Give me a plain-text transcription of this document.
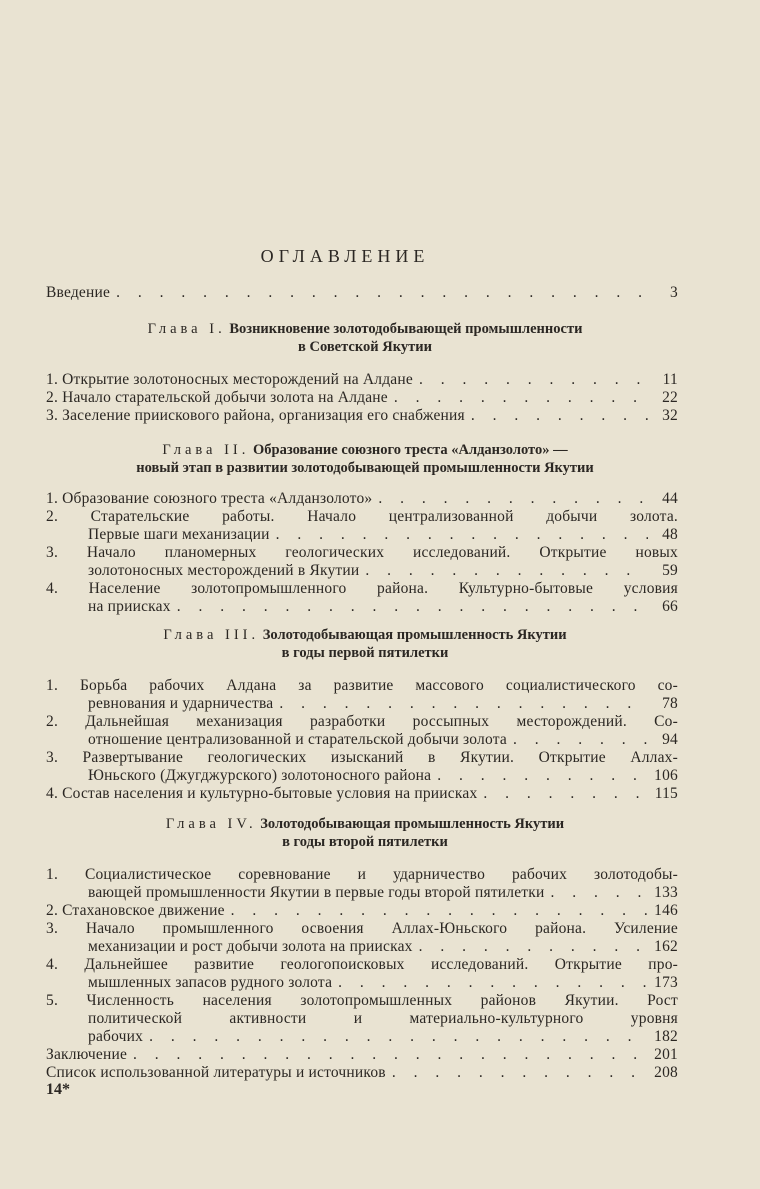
ОГЛАВЛЕНИЕ
Введение . . .	3
Глава I. Возникновение золотодобывающей промышленности
в Советской Якутии
1. Открытие золотоносных месторождений на Алдане . . .	11
2. Начало старательской добычи золота на Алдане . . .	22
3. Заселение приискового района, организация его снабжения . . .	32
Глава II. Образование союзного треста «Алданзолото» —
новый этап в развитии золотодобывающей промышленности Якутии
1. Образование союзного треста «Алданзолото» . . .	44
2. Старательские работы. Начало централизованной добычи золота.
Первые шаги механизации . . .	48
3. Начало планомерных геологических исследований. Открытие новых
золотоносных месторождений в Якутии . . .	59
4. Население золотопромышленного района. Культурно-бытовые условия
на приисках . . .	66
Глава III. Золотодобывающая промышленность Якутии
в годы первой пятилетки
1. Борьба рабочих Алдана за развитие массового социалистического со-
ревнования и ударничества . . .	78
2. Дальнейшая механизация разработки россыпных месторождений. Со-
отношение централизованной и старательской добычи золота . . .	94
3. Развертывание геологических изысканий в Якутии. Открытие Аллах-
Юньского (Джугджурского) золотоносного района . . .	106
4. Состав населения и культурно-бытовые условия на приисках . . .	115
Глава IV. Золотодобывающая промышленность Якутии
в годы второй пятилетки
1. Социалистическое соревнование и ударничество рабочих золотодобы-
вающей промышленности Якутии в первые годы второй пятилетки . . .	133
2. Стахановское движение . . .	146
3. Начало промышленного освоения Аллах-Юньского района. Усиление
механизации и рост добычи золота на приисках . . .	162
4. Дальнейшее развитие геологопоисковых исследований. Открытие про-
мышленных запасов рудного золота . . .	173
5. Численность населения золотопромышленных районов Якутии. Рост
политической активности и материально-культурного уровня
рабочих . . .	182
Заключение . . .	201
Список использованной литературы и источников . . .	208
14*
